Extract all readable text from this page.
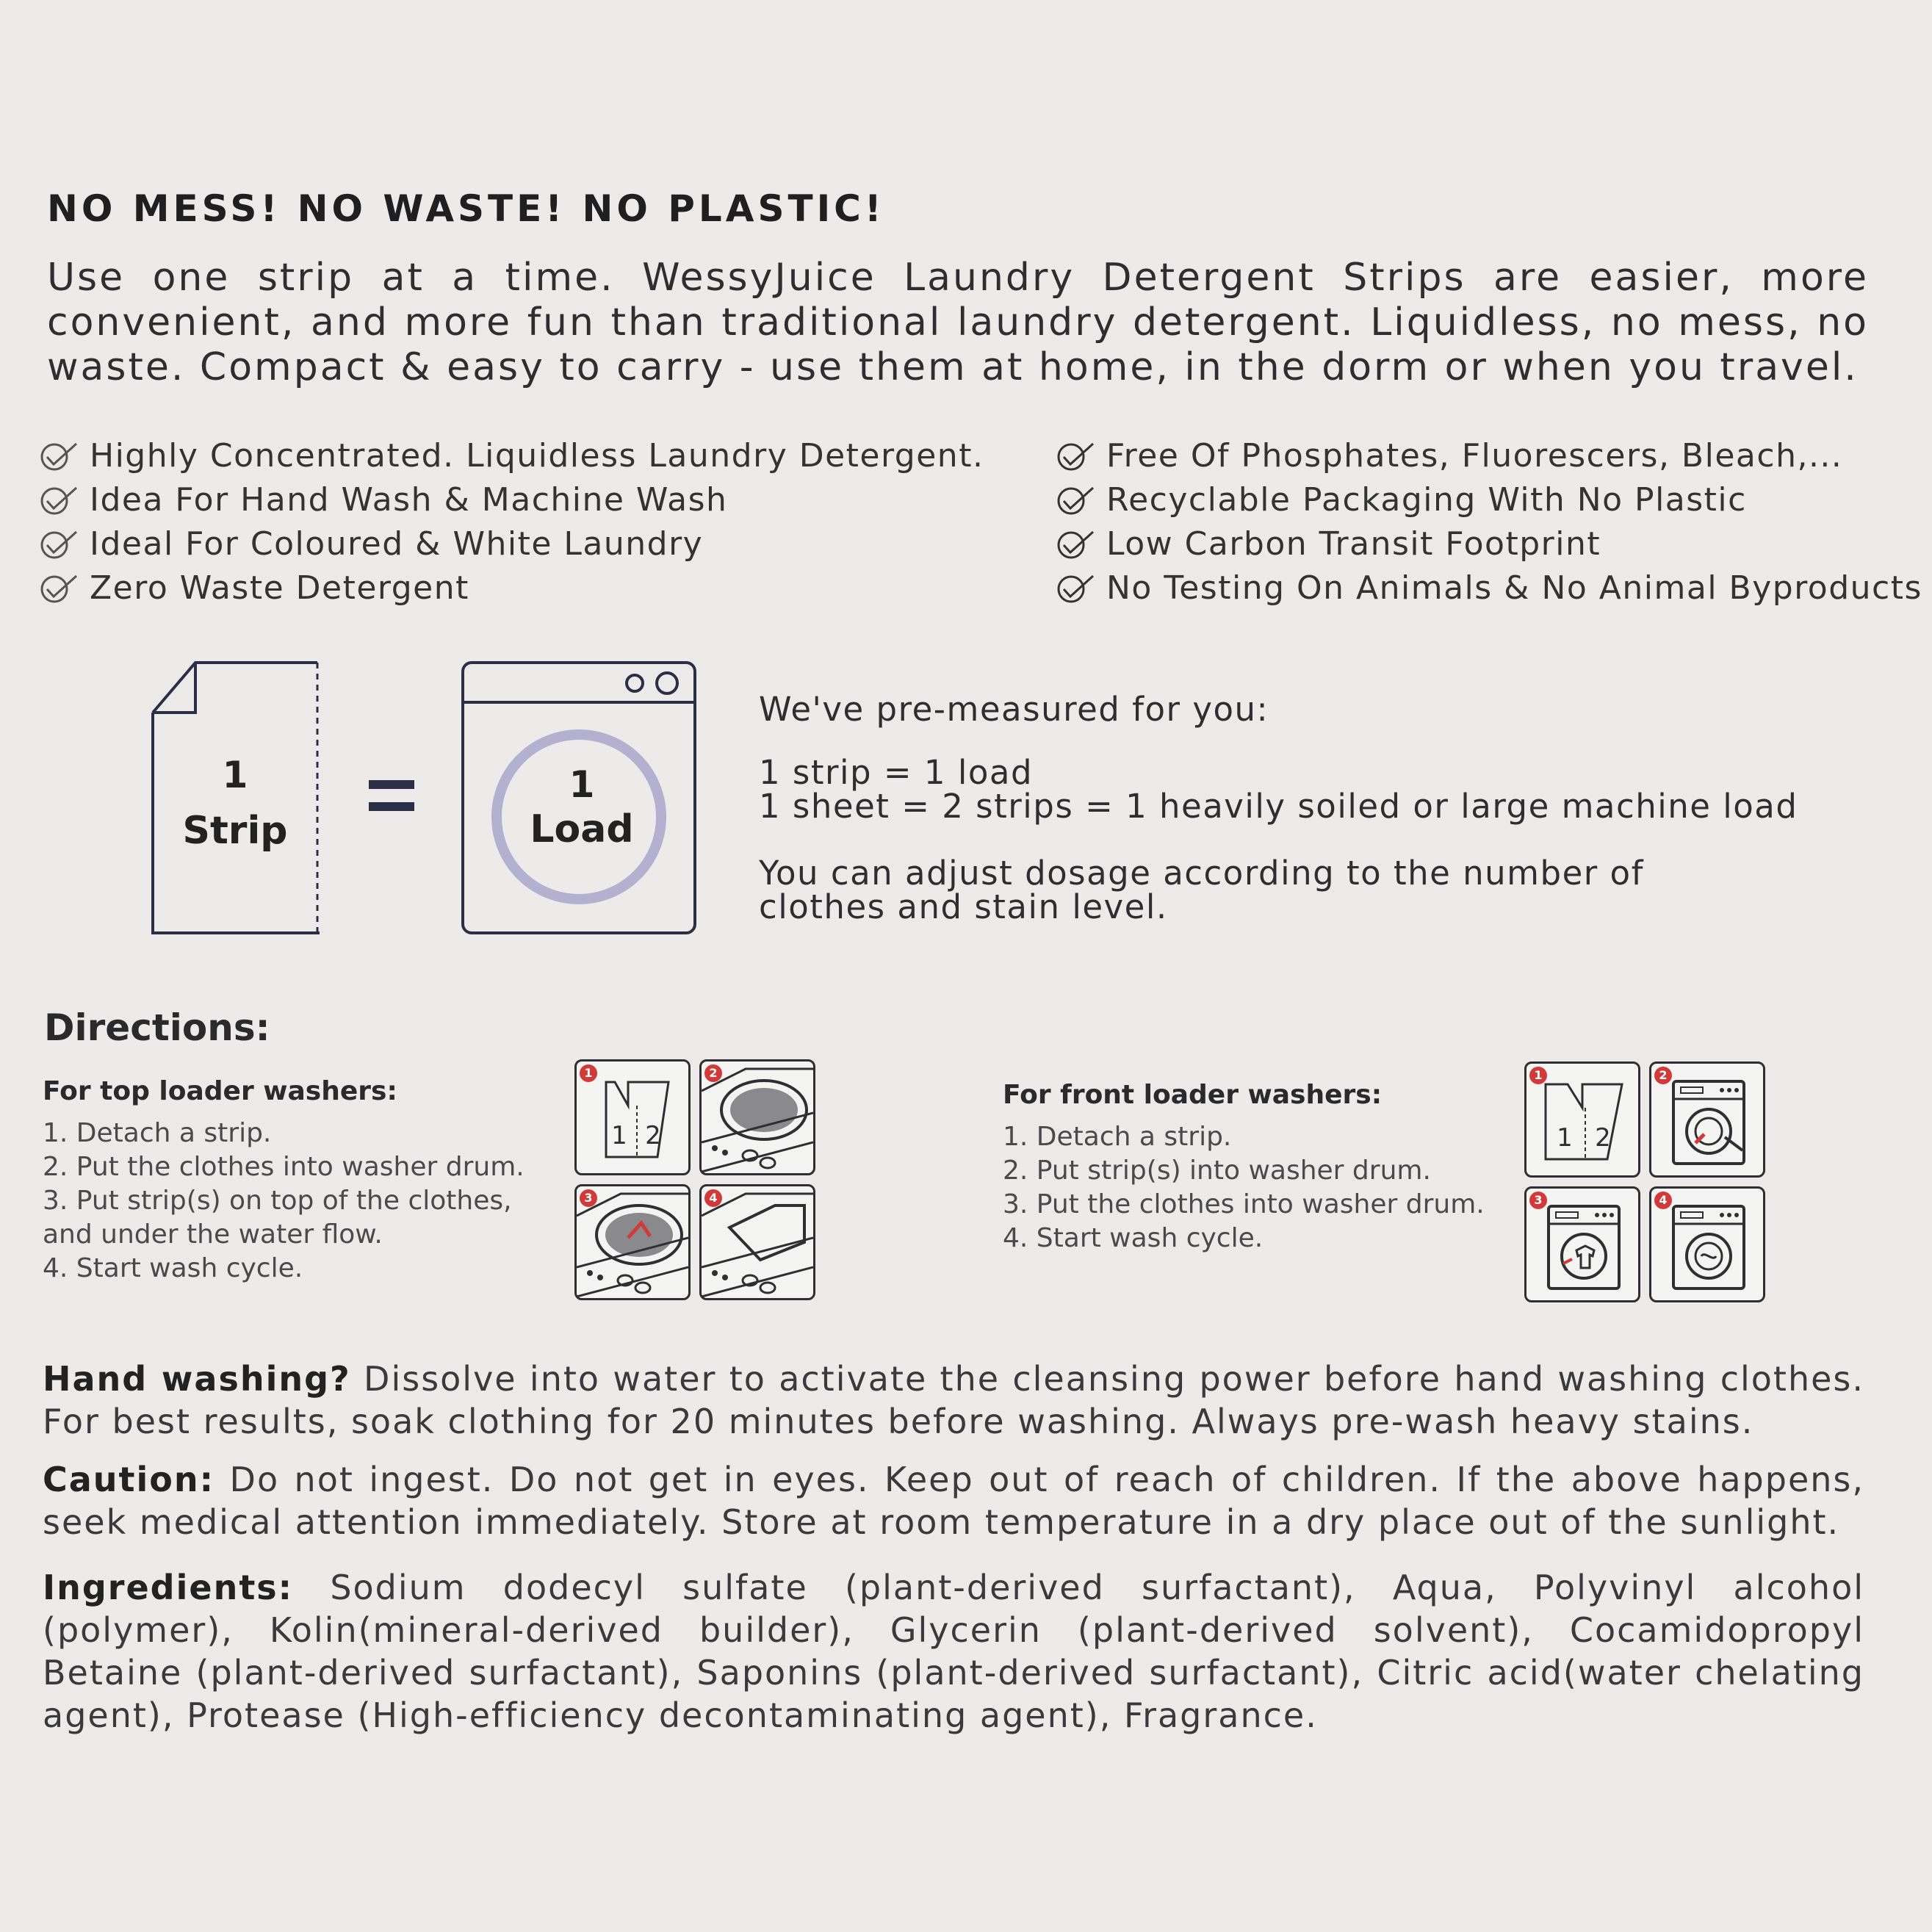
NO MESS! NO WASTE! NO PLASTIC!
Use one strip at a time. WessyJuice Laundry Detergent Strips are easier, more convenient, and more fun than traditional laundry detergent. Liquidless, no mess, no waste. Compact & easy to carry - use them at home, in the dorm or when you travel.
Highly Concentrated. Liquidless Laundry Detergent.
Idea For Hand Wash & Machine Wash
Ideal For Coloured & White Laundry
Zero Waste Detergent
Free Of Phosphates, Fluorescers, Bleach,...
Recyclable Packaging With No Plastic
Low Carbon Transit Footprint
No Testing On Animals & No Animal Byproducts
1
Strip
1
Load
We've pre-measured for you:
1 strip = 1 load
1 sheet = 2 strips = 1 heavily soiled or large machine load
You can adjust dosage according to the number of
clothes and stain level.
Directions:
For top loader washers:
1. Detach a strip.
2. Put the clothes into washer drum.
3. Put strip(s) on top of the clothes,
and under the water flow.
4. Start wash cycle.
For front loader washers:
1. Detach a strip.
2. Put strip(s) into washer drum.
3. Put the clothes into washer drum.
4. Start wash cycle.
1
1 2
2
3	4
1
1 2
2
3	4
Hand washing? Dissolve into water to activate the cleansing power before hand washing clothes. For best results, soak clothing for 20 minutes before washing. Always pre-wash heavy stains.
Caution: Do not ingest. Do not get in eyes. Keep out of reach of children. If the above happens, seek medical attention immediately. Store at room temperature in a dry place out of the sunlight.
Ingredients: Sodium dodecyl sulfate (plant-derived surfactant), Aqua, Polyvinyl alcohol (polymer), Kolin(mineral-derived builder), Glycerin (plant-derived solvent), Cocamidopropyl Betaine (plant-derived surfactant), Saponins (plant-derived surfactant), Citric acid(water chelating agent), Protease (High-efficiency decontaminating agent), Fragrance.
